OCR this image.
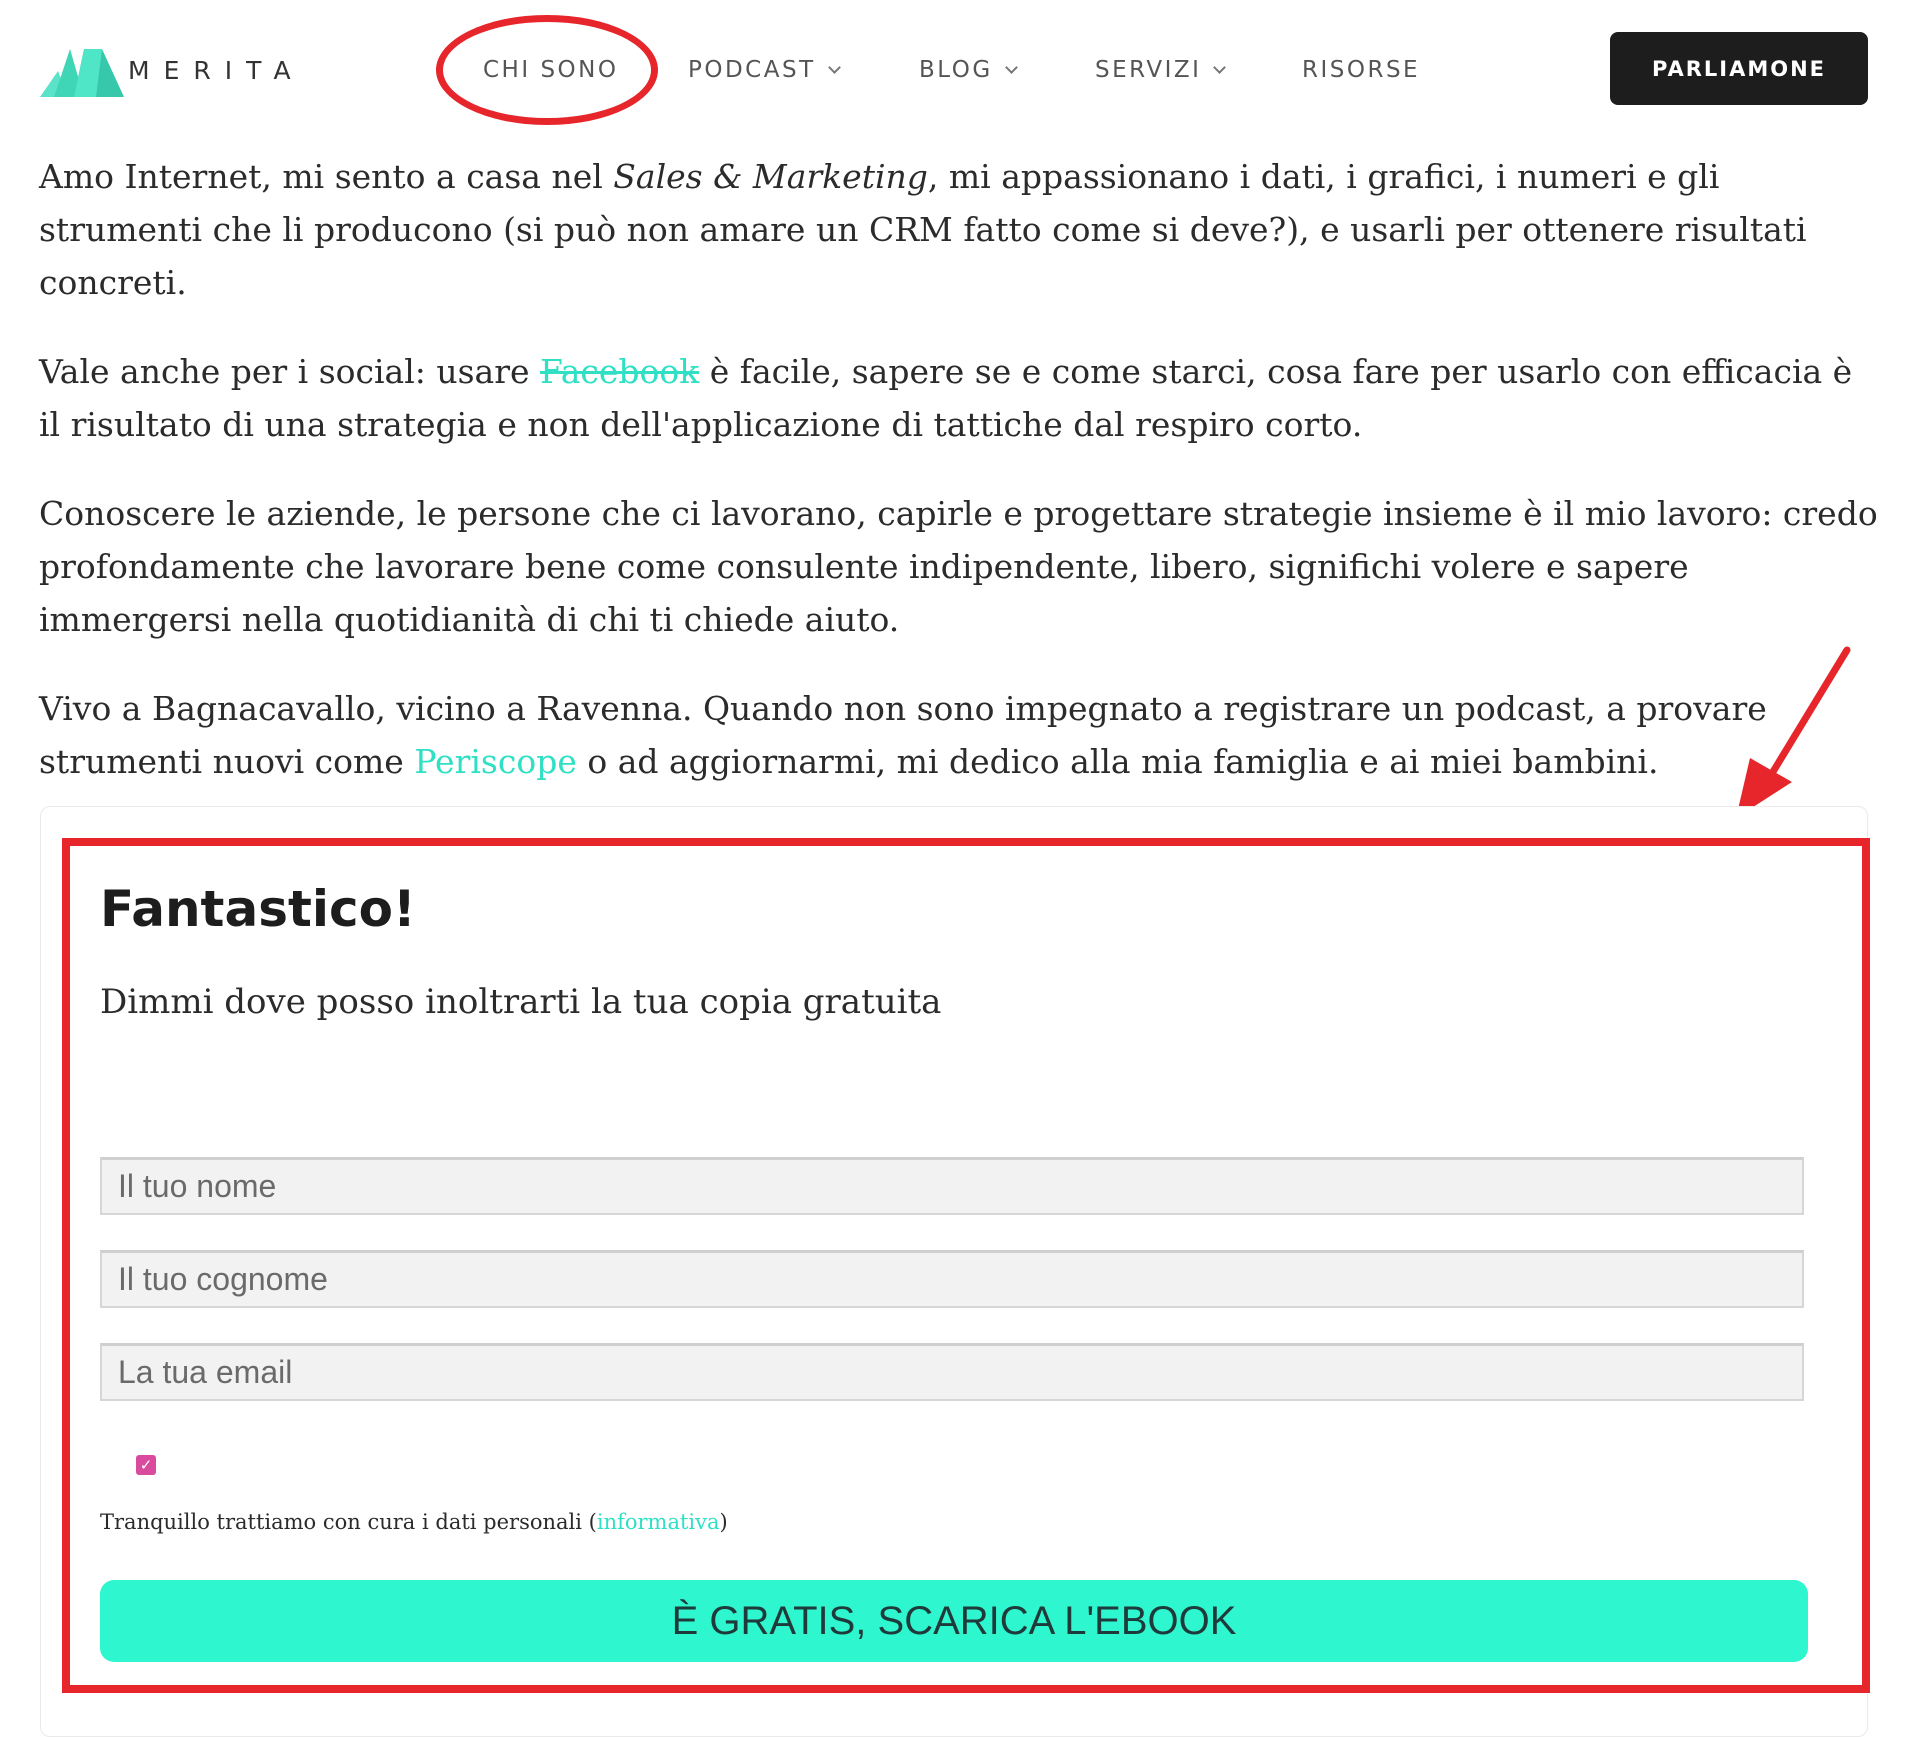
MERITA	CHI SONO	PODCAST	BLOG	SERVIZI	RISORSE	PARLIAMONE

Amo Internet, mi sento a casa nel Sales & Marketing, mi appassionano i dati, i grafici, i numeri e gli strumenti che li producono (si può non amare un CRM fatto come si deve?), e usarli per ottenere risultati concreti.

Vale anche per i social: usare Facebook è facile, sapere se e come starci, cosa fare per usarlo con efficacia è il risultato di una strategia e non dell'applicazione di tattiche dal respiro corto.

Conoscere le aziende, le persone che ci lavorano, capirle e progettare strategie insieme è il mio lavoro: credo profondamente che lavorare bene come consulente indipendente, libero, significhi volere e sapere immergersi nella quotidianità di chi ti chiede aiuto.

Vivo a Bagnacavallo, vicino a Ravenna. Quando non sono impegnato a registrare un podcast, a provare strumenti nuovi come Periscope o ad aggiornarmi, mi dedico alla mia famiglia e ai miei bambini.

Fantastico!
Dimmi dove posso inoltrarti la tua copia gratuita
Il tuo nome
Il tuo cognome
La tua email
✓
Tranquillo trattiamo con cura i dati personali (informativa)
È GRATIS, SCARICA L'EBOOK
